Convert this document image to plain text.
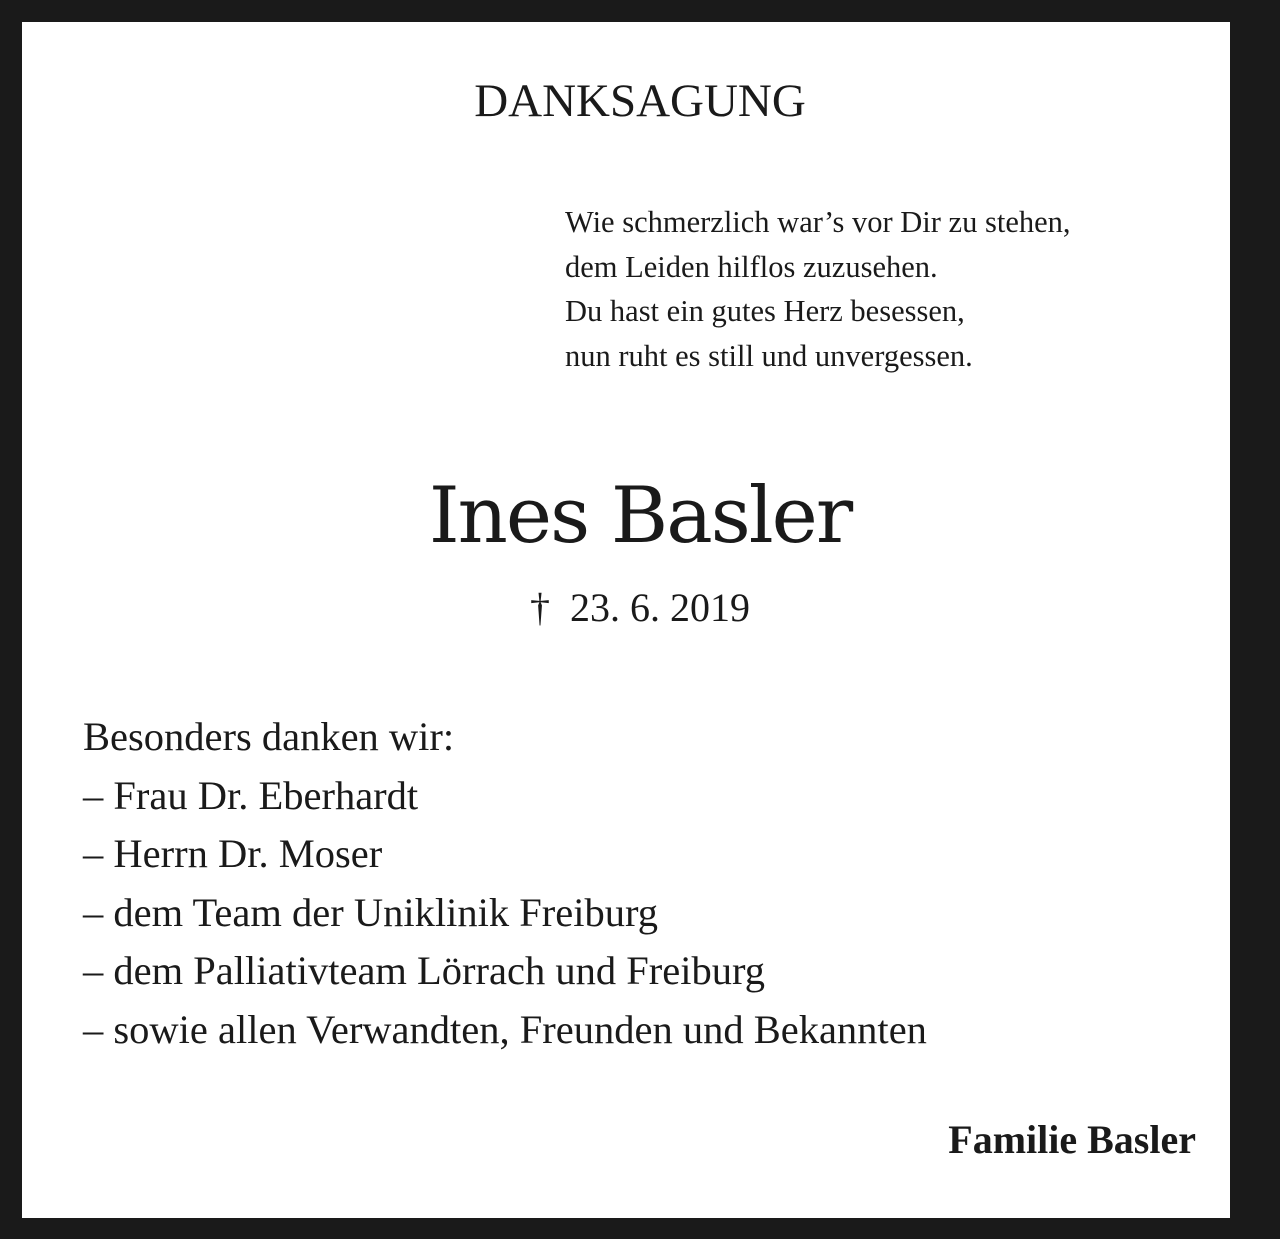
DANKSAGUNG
Wie schmerzlich war’s vor Dir zu stehen,
dem Leiden hilflos zuzusehen.
Du hast ein gutes Herz besessen,
nun ruht es still und unvergessen.
Ines Basler
† 23. 6. 2019
Besonders danken wir:
– Frau Dr. Eberhardt
– Herrn Dr. Moser
– dem Team der Uniklinik Freiburg
– dem Palliativteam Lörrach und Freiburg
– sowie allen Verwandten, Freunden und Bekannten
Familie Basler
